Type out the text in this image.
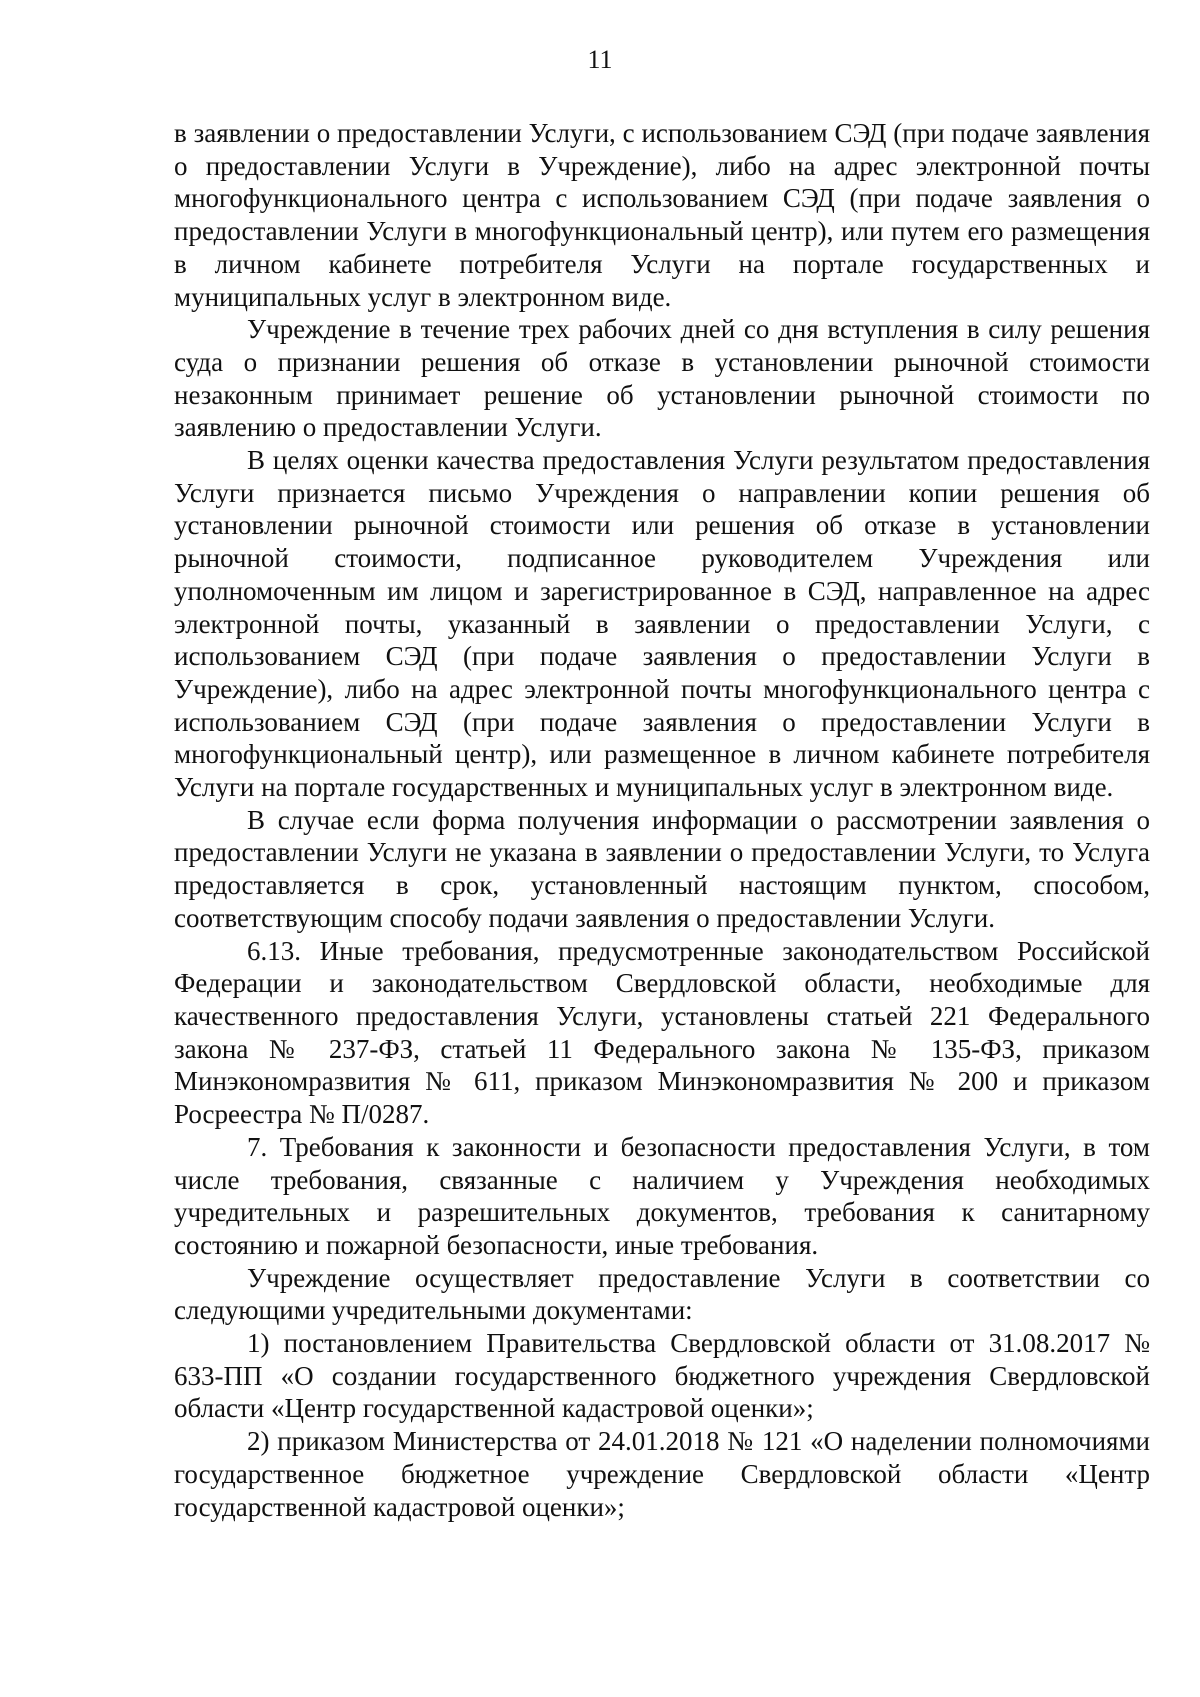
11

в заявлении о предоставлении Услуги, с использованием СЭД (при подаче заявления о предоставлении Услуги в Учреждение), либо на адрес электронной почты многофункционального центра с использованием СЭД (при подаче заявления о предоставлении Услуги в многофункциональный центр), или путем его размещения в личном кабинете потребителя Услуги на портале государственных и муниципальных услуг в электронном виде.

Учреждение в течение трех рабочих дней со дня вступления в силу решения суда о признании решения об отказе в установлении рыночной стоимости незаконным принимает решение об установлении рыночной стоимости по заявлению о предоставлении Услуги.

В целях оценки качества предоставления Услуги результатом предоставления Услуги признается письмо Учреждения о направлении копии решения об установлении рыночной стоимости или решения об отказе в установлении рыночной стоимости, подписанное руководителем Учреждения или уполномоченным им лицом и зарегистрированное в СЭД, направленное на адрес электронной почты, указанный в заявлении о предоставлении Услуги, с использованием СЭД (при подаче заявления о предоставлении Услуги в Учреждение), либо на адрес электронной почты многофункционального центра с использованием СЭД (при подаче заявления о предоставлении Услуги в многофункциональный центр), или размещенное в личном кабинете потребителя Услуги на портале государственных и муниципальных услуг в электронном виде.

В случае если форма получения информации о рассмотрении заявления о предоставлении Услуги не указана в заявлении о предоставлении Услуги, то Услуга предоставляется в срок, установленный настоящим пунктом, способом, соответствующим способу подачи заявления о предоставлении Услуги.

6.13. Иные требования, предусмотренные законодательством Российской Федерации и законодательством Свердловской области, необходимые для качественного предоставления Услуги, установлены статьей 221 Федерального закона № 237-ФЗ, статьей 11 Федерального закона № 135-ФЗ, приказом Минэкономразвития № 611, приказом Минэкономразвития № 200 и приказом Росреестра № П/0287.

7. Требования к законности и безопасности предоставления Услуги, в том числе требования, связанные с наличием у Учреждения необходимых учредительных и разрешительных документов, требования к санитарному состоянию и пожарной безопасности, иные требования.

Учреждение осуществляет предоставление Услуги в соответствии со следующими учредительными документами:

1) постановлением Правительства Свердловской области от 31.08.2017 № 633-ПП «О создании государственного бюджетного учреждения Свердловской области «Центр государственной кадастровой оценки»;

2) приказом Министерства от 24.01.2018 № 121 «О наделении полномочиями государственное бюджетное учреждение Свердловской области «Центр государственной кадастровой оценки»;
